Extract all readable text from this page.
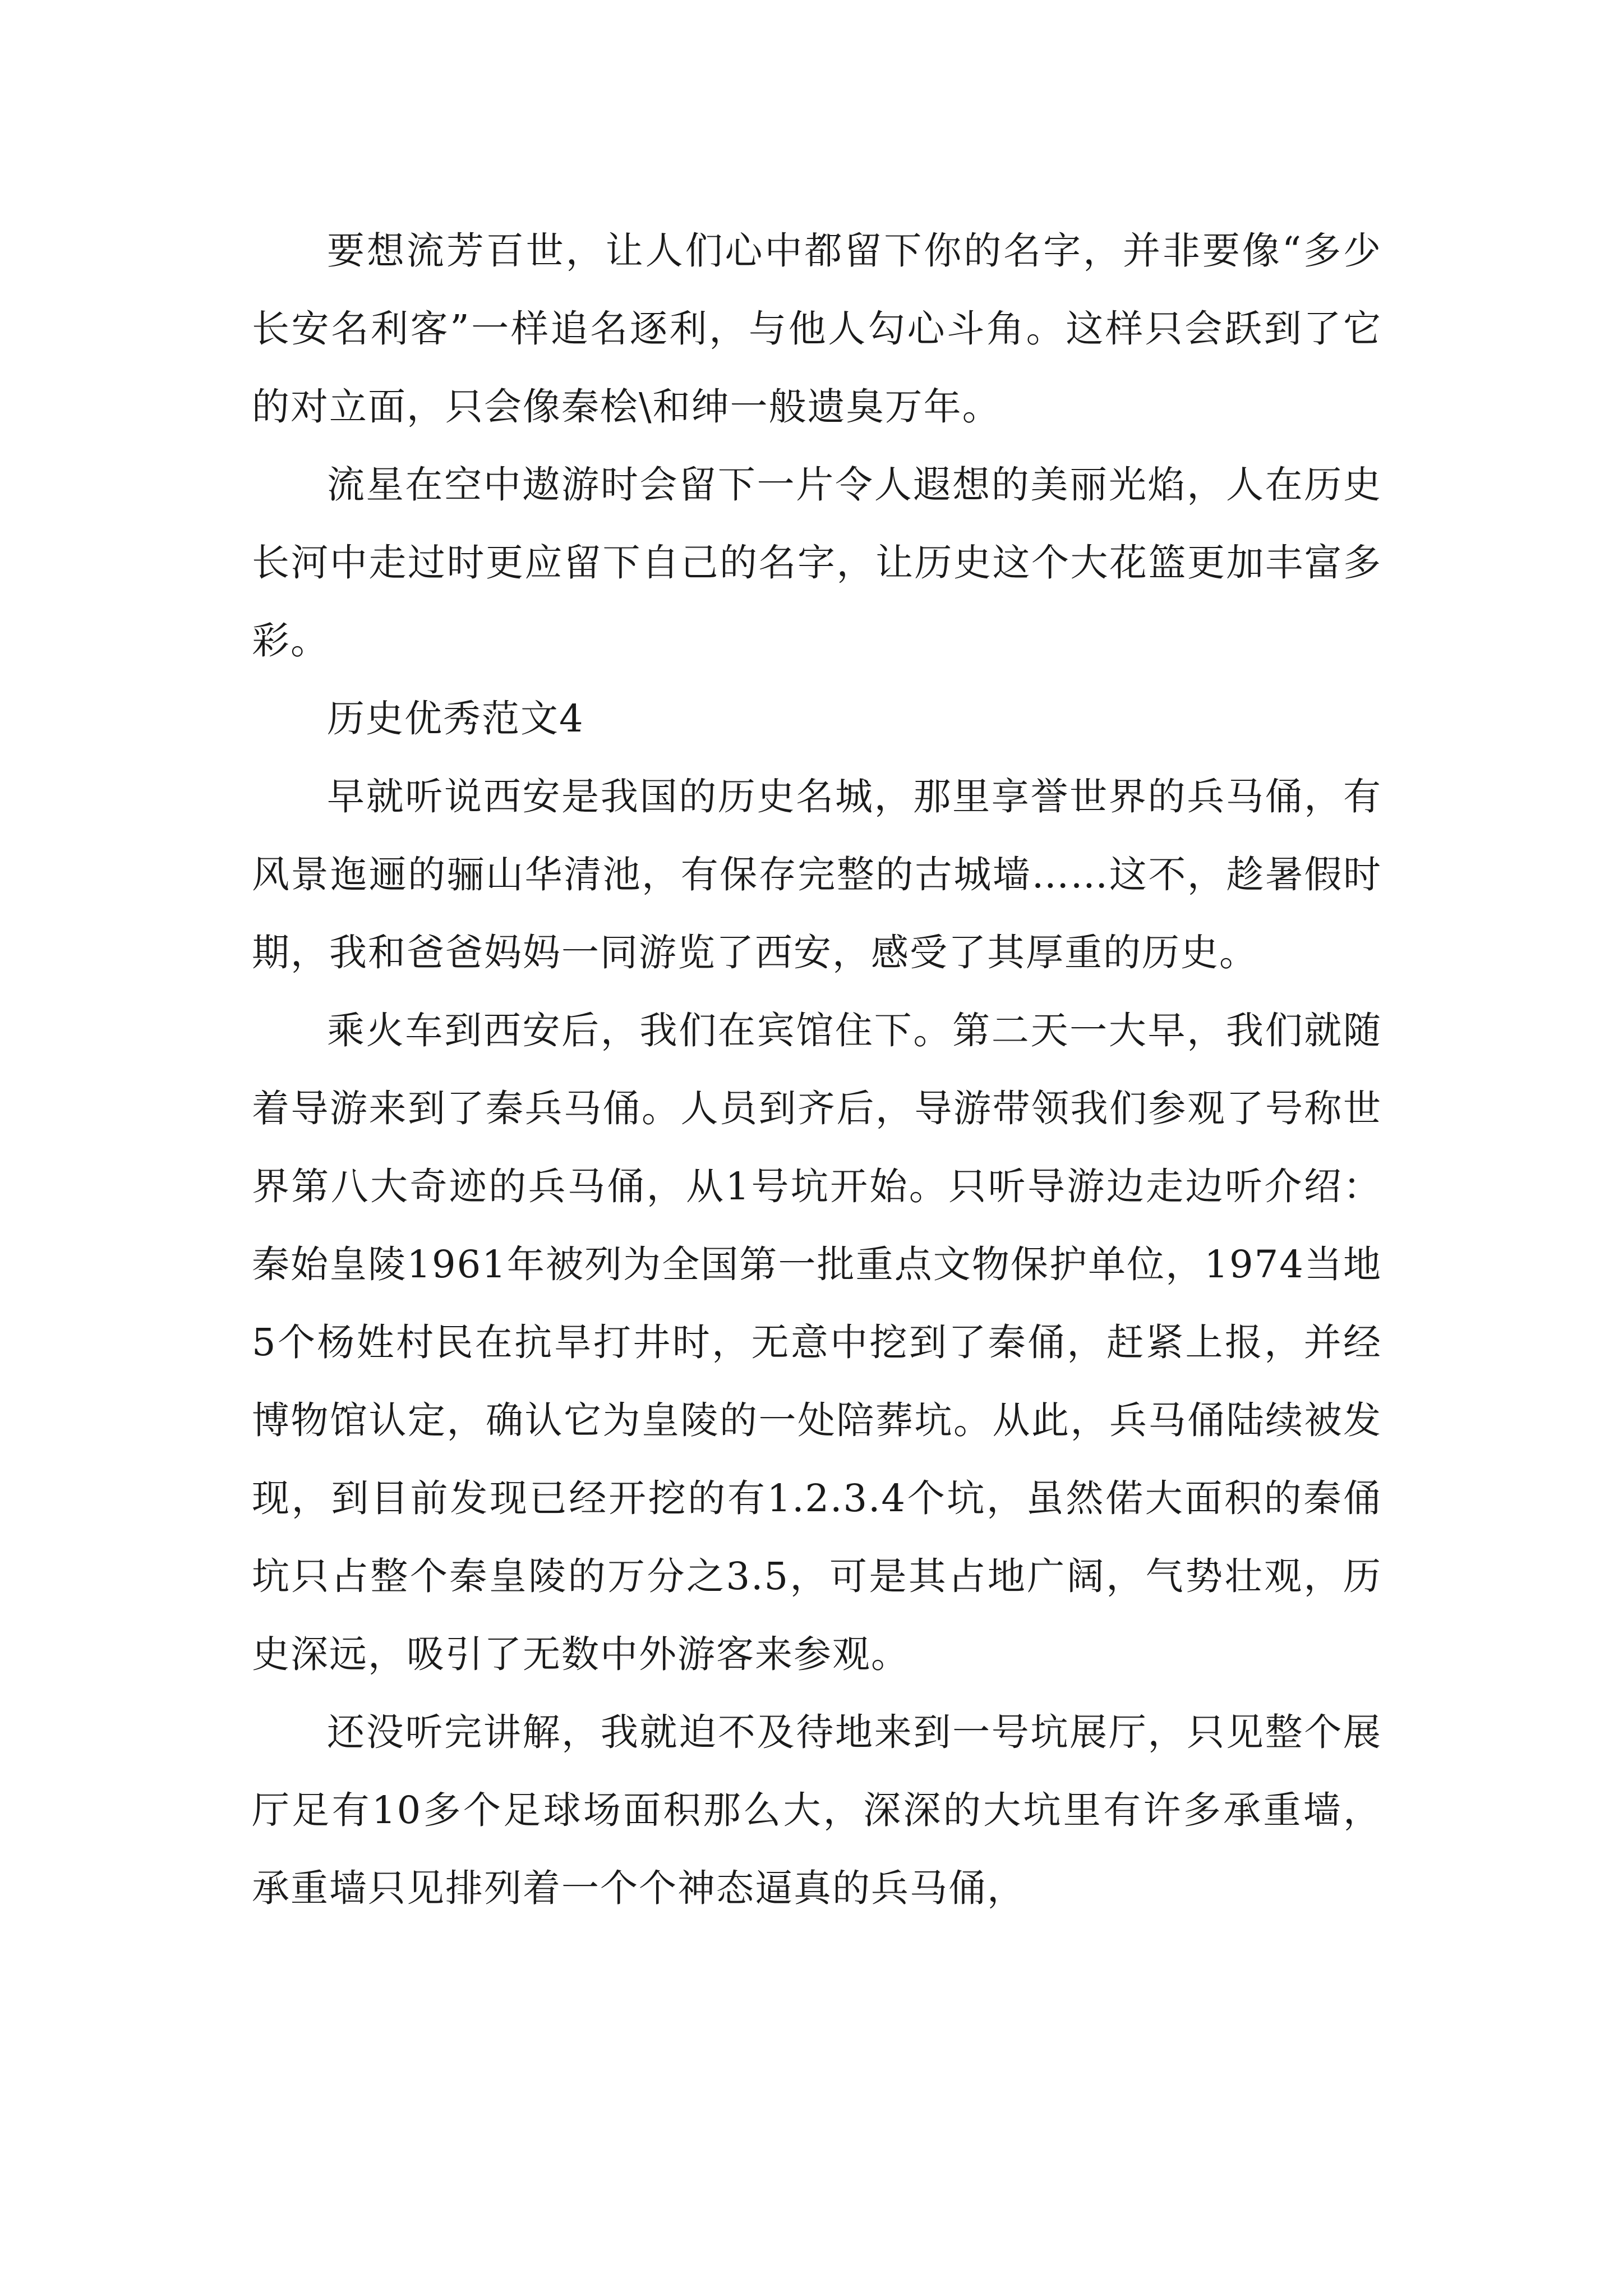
要想流芳百世，让人们心中都留下你的名字，并非要像“多少长安名利客”一样追名逐利，与他人勾心斗角。这样只会跃到了它的对立面，只会像秦桧\和绅一般遗臭万年。

流星在空中遨游时会留下一片令人遐想的美丽光焰，人在历史长河中走过时更应留下自己的名字，让历史这个大花篮更加丰富多彩。

历史优秀范文4

早就听说西安是我国的历史名城，那里享誉世界的兵马俑，有风景迤逦的骊山华清池，有保存完整的古城墙……这不，趁暑假时期，我和爸爸妈妈一同游览了西安，感受了其厚重的历史。

乘火车到西安后，我们在宾馆住下。第二天一大早，我们就随着导游来到了秦兵马俑。人员到齐后，导游带领我们参观了号称世界第八大奇迹的兵马俑，从1号坑开始。只听导游边走边听介绍：秦始皇陵1961年被列为全国第一批重点文物保护单位，1974当地5个杨姓村民在抗旱打井时，无意中挖到了秦俑，赶紧上报，并经博物馆认定，确认它为皇陵的一处陪葬坑。从此，兵马俑陆续被发现，到目前发现已经开挖的有1.2.3.4个坑，虽然偌大面积的秦俑坑只占整个秦皇陵的万分之3.5，可是其占地广阔，气势壮观，历史深远，吸引了无数中外游客来参观。

还没听完讲解，我就迫不及待地来到一号坑展厅，只见整个展厅足有10多个足球场面积那么大，深深的大坑里有许多承重墙，承重墙只见排列着一个个神态逼真的兵马俑，
